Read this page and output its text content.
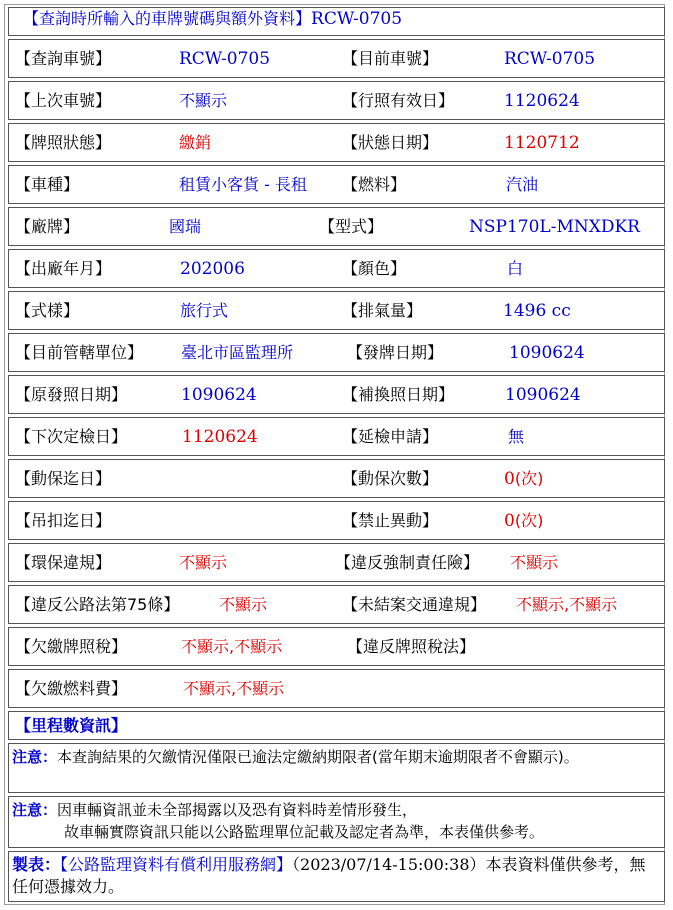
【查詢時所輸入的車牌號碼與額外資料】RCW-0705
【查詢車號】	RCW-0705	【目前車號】	RCW-0705
【上次車號】	不顯示	【行照有效日】	1120624
【牌照狀態】	繳銷	【狀態日期】	1120712
【車種】	租賃小客貨 - 長租 【燃料】	汽油
【廠牌】	國瑞	【型式】	NSP170L-MNXDKR
【出廠年月】	202006	【顏色】	白
【式樣】	旅行式	【排氣量】	1496 cc
【目前管轄單位】 臺北市區監理所	【發牌日期】	1090624
【原發照日期】	1090624	【補換照日期】	1090624
【下次定檢日】	1120624	【延檢申請】	無
【動保迄日】	【動保次數】	0(次)
【吊扣迄日】	【禁止異動】	0(次)
【環保違規】	不顯示	【違反強制責任險】 不顯示
【違反公路法第75條】 不顯示	【未結案交通違規】 不顯示,不顯示
【欠繳牌照稅】	不顯示,不顯示	【違反牌照稅法】
【欠繳燃料費】	不顯示,不顯示
【里程數資訊】
注意：本查詢結果的欠繳情況僅限已逾法定繳納期限者(當年期末逾期限者不會顯示)。
注意：因車輛資訊並未全部揭露以及恐有資料時差情形發生，
故車輛實際資訊只能以公路監理單位記載及認定者為準，本表僅供參考。
製表：【公路監理資料有償利用服務網】（2023/07/14-15:00:38）本表資料僅供參考，無任何憑據效力。
